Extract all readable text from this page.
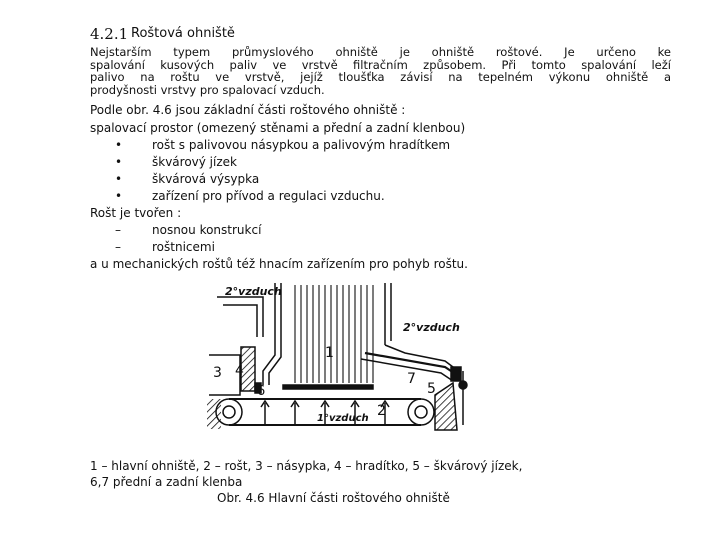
4.2.1 Roštová ohniště
Nejstarším typem průmyslového ohniště je ohniště roštové. Je určeno ke
spalování kusových paliv ve vrstvě filtračním způsobem. Při tomto spalování leží
palivo na roštu ve vrstvě, jejíž tloušťka závisí na tepelném výkonu ohniště a
prodyšnosti vrstvy pro spalovací vzduch.
Podle obr. 4.6 jsou základní části roštového ohniště :
spalovací prostor (omezený stěnami a přední a zadní klenbou)
• rošt s palivovou násypkou a palivovým hradítkem
• škvárový jízek
• škvárová výsypka
• zařízení pro přívod a regulaci vzduchu.
Rošt je tvořen :
–	nosnou konstrukcí
–	roštnicemi
a u mechanických roštů též hnacím zařízením pro pohyb roštu.
2°vzduch
2°vzduch
1°vzduch
1
2
3 4
5
6
7
1 – hlavní ohniště, 2 – rošt, 3 – násypka, 4 – hradítko, 5 – škvárový jízek,
6,7 přední a zadní klenba
Obr. 4.6 Hlavní části roštového ohniště
